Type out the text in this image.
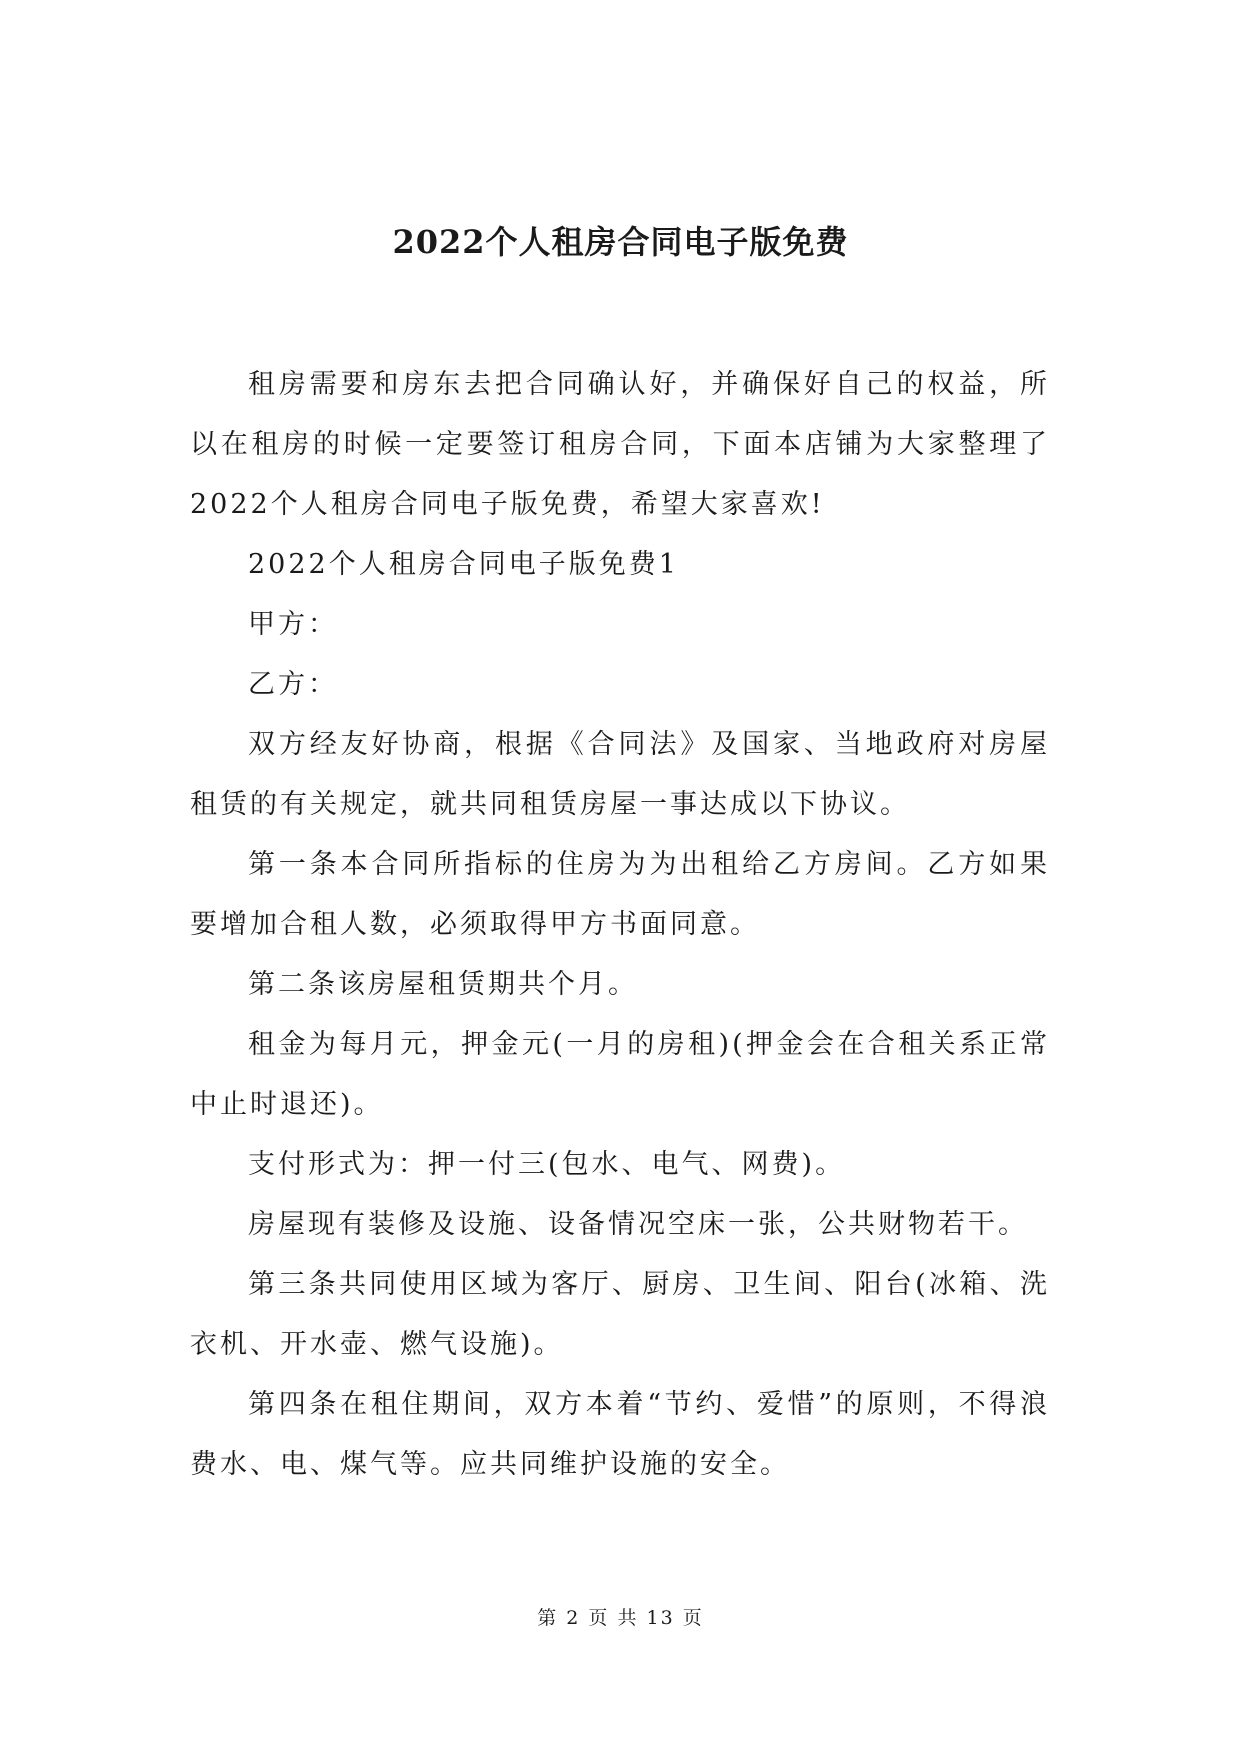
2022个人租房合同电子版免费

租房需要和房东去把合同确认好，并确保好自己的权益，所以在租房的时候一定要签订租房合同，下面本店铺为大家整理了2022个人租房合同电子版免费，希望大家喜欢!

2022个人租房合同电子版免费1

甲方：

乙方：

双方经友好协商，根据《合同法》及国家、当地政府对房屋租赁的有关规定，就共同租赁房屋一事达成以下协议。

第一条本合同所指标的住房为为出租给乙方房间。乙方如果要增加合租人数，必须取得甲方书面同意。

第二条该房屋租赁期共个月。

租金为每月元，押金元(一月的房租)(押金会在合租关系正常中止时退还)。

支付形式为：押一付三(包水、电气、网费)。

房屋现有装修及设施、设备情况空床一张，公共财物若干。

第三条共同使用区域为客厅、厨房、卫生间、阳台(冰箱、洗衣机、开水壶、燃气设施)。

第四条在租住期间，双方本着“节约、爱惜”的原则，不得浪费水、电、煤气等。应共同维护设施的安全。

第 2 页 共 13 页
